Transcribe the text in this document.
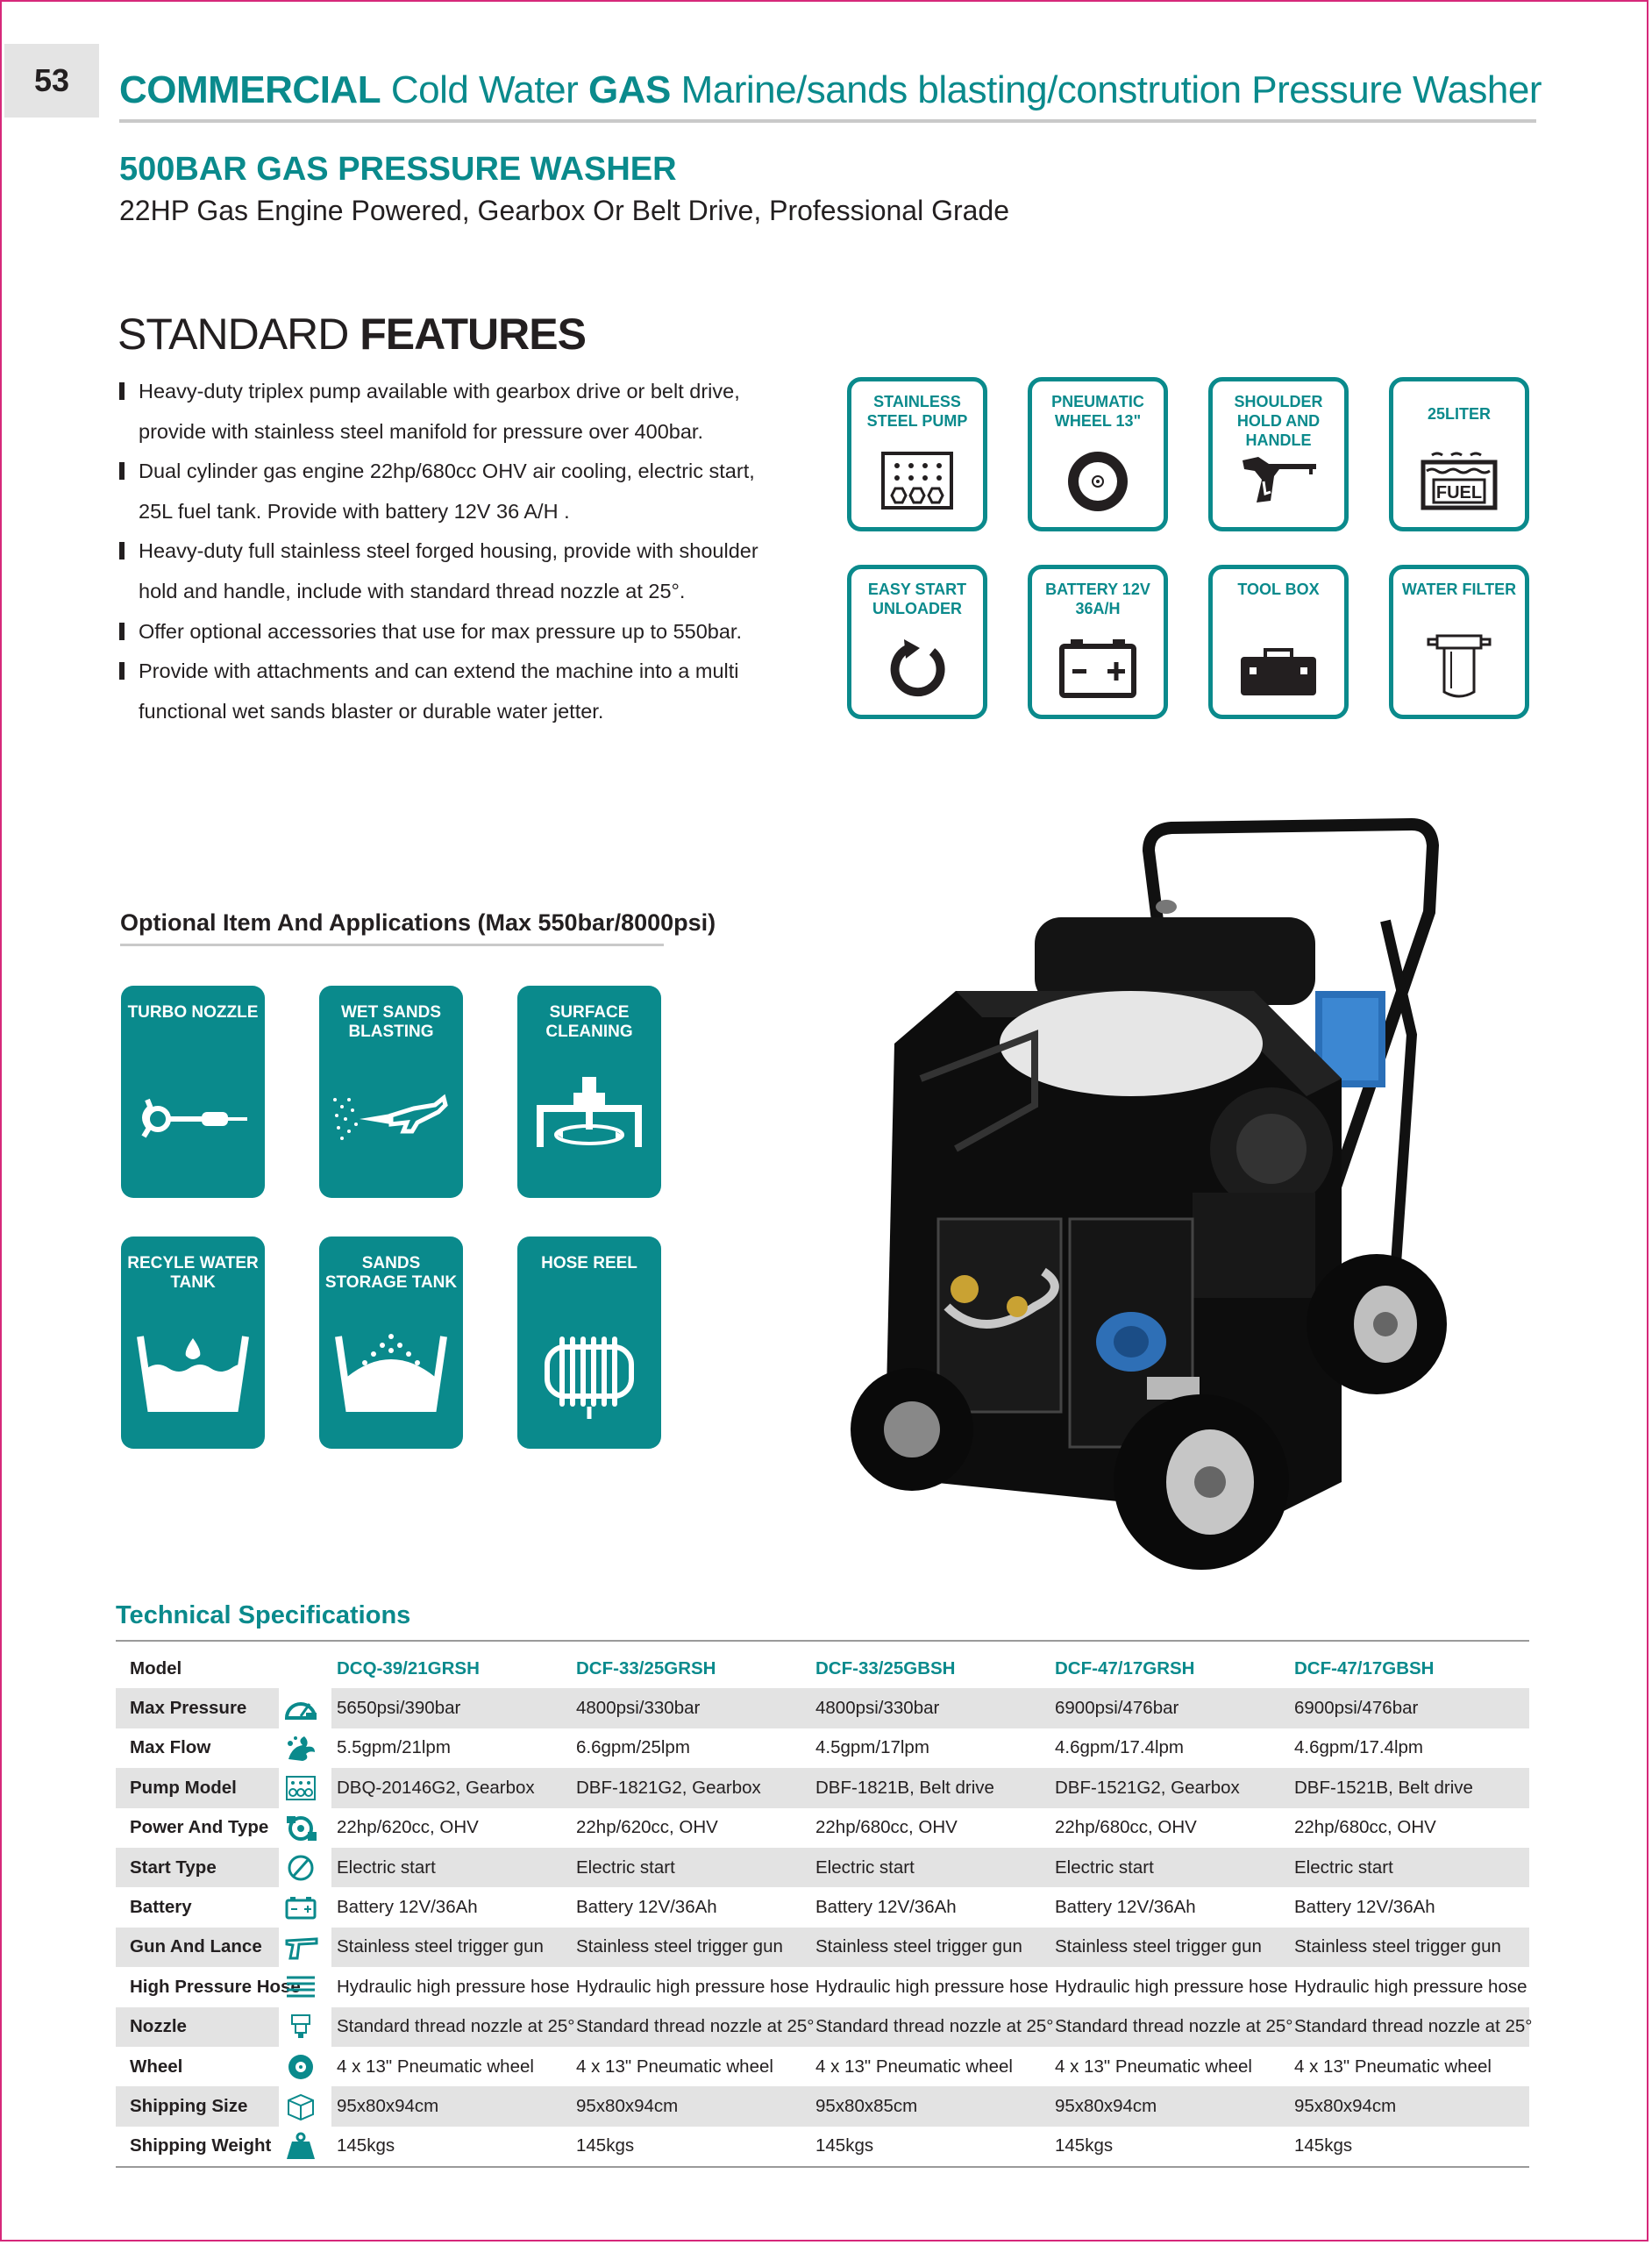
53	COMMERCIAL Cold Water GAS Marine/sands blasting/constrution Pressure Washer
500BAR GAS PRESSURE WASHER
22HP Gas Engine Powered, Gearbox Or Belt Drive, Professional Grade
STANDARD FEATURES
Heavy-duty triplex pump available with gearbox drive or belt drive, provide with stainless steel manifold for pressure over 400bar.
Dual cylinder gas engine 22hp/680cc OHV air cooling, electric start, 25L fuel tank. Provide with battery 12V 36 A/H .
Heavy-duty full stainless steel forged housing, provide with shoulder hold and handle, include with standard thread nozzle at 25°.
Offer optional accessories that use for max pressure up to 550bar.
Provide with attachments and can extend the machine into a multi functional wet sands blaster or durable water jetter.
STAINLESS STEEL PUMP
PNEUMATIC WHEEL 13"
SHOULDER HOLD AND HANDLE
25LITER
FUEL
EASY START UNLOADER
BATTERY 12V 36A/H
TOOL BOX	WATER FILTER
Optional Item And Applications (Max 550bar/8000psi)
TURBO NOZZLE	WET SANDS BLASTING
SURFACE CLEANING
RECYLE WATER TANK
SANDS STORAGE TANK
HOSE REEL
Technical Specifications
Model			DCQ-39/21GRSH	DCF-33/25GRSH	DCF-33/25GBSH	DCF-47/17GRSH	DCF-47/17GBSH
Max Pressure			5650psi/390bar	4800psi/330bar	4800psi/330bar	6900psi/476bar	6900psi/476bar
Max Flow			5.5gpm/21lpm	6.6gpm/25lpm	4.5gpm/17lpm	4.6gpm/17.4lpm	4.6gpm/17.4lpm
Pump Model			DBQ-20146G2, Gearbox	DBF-1821G2, Gearbox	DBF-1821B, Belt drive	DBF-1521G2, Gearbox	DBF-1521B, Belt drive
Power And Type			22hp/620cc, OHV	22hp/620cc, OHV	22hp/680cc, OHV	22hp/680cc, OHV	22hp/680cc, OHV
Start Type			Electric start	Electric start	Electric start	Electric start	Electric start
Battery			Battery 12V/36Ah	Battery 12V/36Ah	Battery 12V/36Ah	Battery 12V/36Ah	Battery 12V/36Ah
Gun And Lance			Stainless steel trigger gun	Stainless steel trigger gun	Stainless steel trigger gun	Stainless steel trigger gun	Stainless steel trigger gun
High Pressure Hose			Hydraulic high pressure hose	Hydraulic high pressure hose	Hydraulic high pressure hose	Hydraulic high pressure hose	Hydraulic high pressure hose
Nozzle			Standard thread nozzle at 25°	Standard thread nozzle at 25°	Standard thread nozzle at 25°	Standard thread nozzle at 25°	Standard thread nozzle at 25°
Wheel			4 x 13" Pneumatic wheel	4 x 13" Pneumatic wheel	4 x 13" Pneumatic wheel	4 x 13" Pneumatic wheel	4 x 13" Pneumatic wheel
Shipping Size			95x80x94cm	95x80x94cm	95x80x85cm	95x80x94cm	95x80x94cm
Shipping Weight			145kgs	145kgs	145kgs	145kgs	145kgs
